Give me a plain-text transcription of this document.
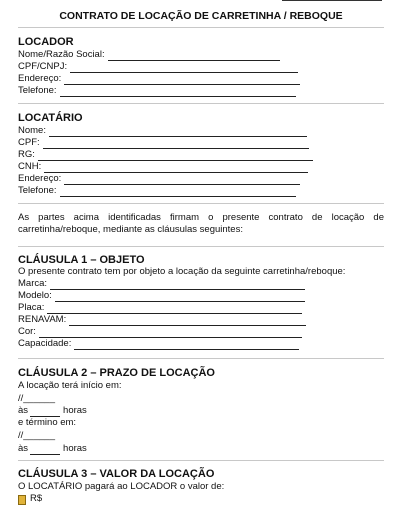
CONTRATO DE LOCAÇÃO DE CARRETINHA / REBOQUE
LOCADOR
Nome/Razão Social:
CPF/CNPJ:
Endereço:
Telefone:
LOCATÁRIO
Nome:
CPF:
RG:
CNH:
Endereço:
Telefone:
As partes acima identificadas firmam o presente contrato de locação de carretinha/reboque, mediante as cláusulas seguintes:
CLÁUSULA 1 – OBJETO
O presente contrato tem por objeto a locação da seguinte carretinha/reboque:
Marca:
Modelo:
Placa:
RENAVAM:
Cor:
Capacidade:
CLÁUSULA 2 – PRAZO DE LOCAÇÃO
A locação terá início em:
//______
às	horas
e término em:
//______
às	horas
CLÁUSULA 3 – VALOR DA LOCAÇÃO
O LOCATÁRIO pagará ao LOCADOR o valor de:
R$
